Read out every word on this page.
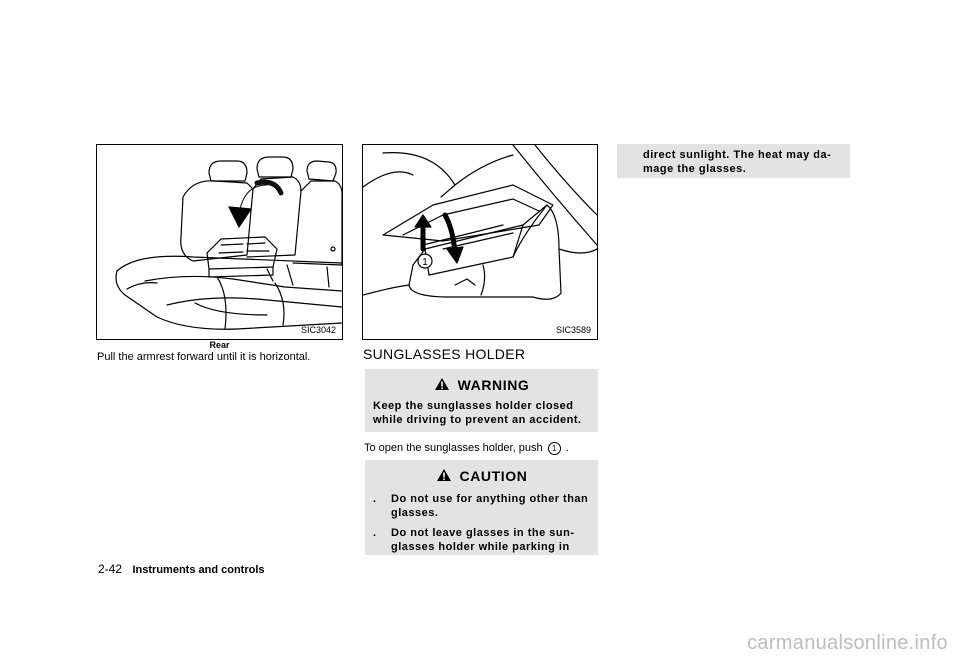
SIC3042
Rear
Pull the armrest forward until it is horizontal.
1
SIC3589
SUNGLASSES HOLDER
WARNING
Keep the sunglasses holder closed
while driving to prevent an accident.
To open the sunglasses holder, push 1 .
CAUTION
.	Do not use for anything other than
glasses.
.	Do not leave glasses in the sun-
glasses holder while parking in
direct sunlight. The heat may da-
mage the glasses.
2-42 Instruments and controls
carmanualsonline.info
